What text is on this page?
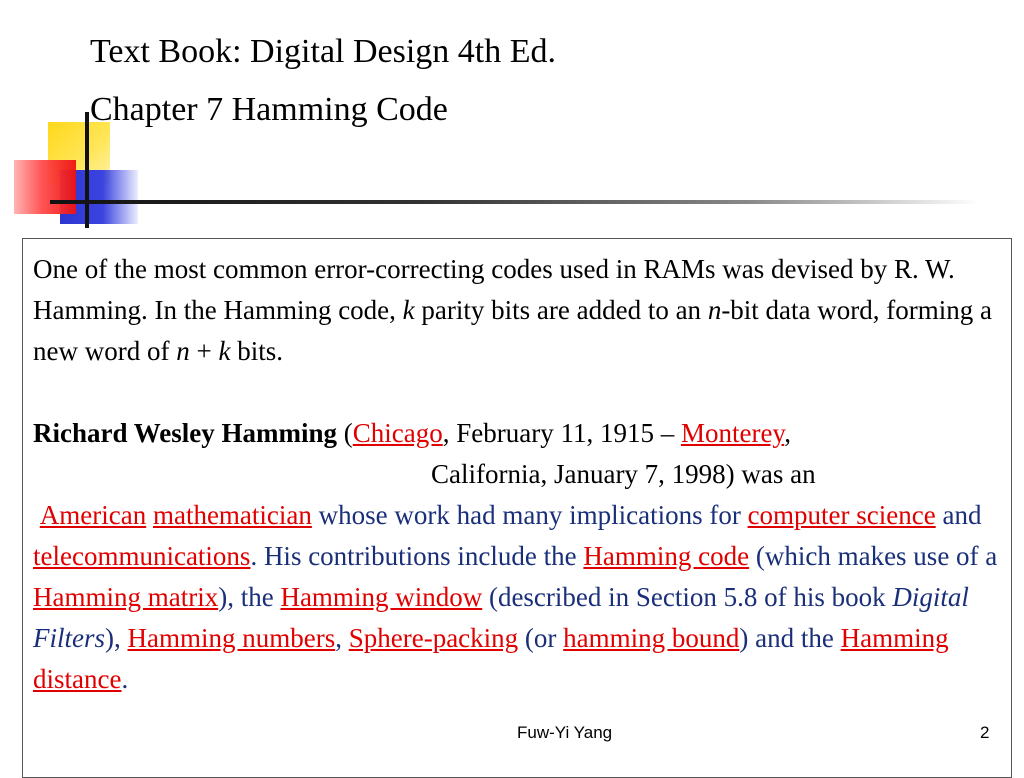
Text Book: Digital Design 4th Ed.
Chapter 7 Hamming Code

One of the most common error-correcting codes used in RAMs was devised by R. W. Hamming. In the Hamming code, k parity bits are added to an n-bit data word, forming a new word of n + k bits.

Richard Wesley Hamming (Chicago, February 11, 1915 – Monterey,

California, January 7, 1998) was an

American mathematician whose work had many implications for computer science and telecommunications. His contributions include the Hamming code (which makes use of a Hamming matrix), the Hamming window (described in Section 5.8 of his book Digital Filters), Hamming numbers, Sphere-packing (or hamming bound) and the Hamming distance.

Fuw-Yi Yang	2
